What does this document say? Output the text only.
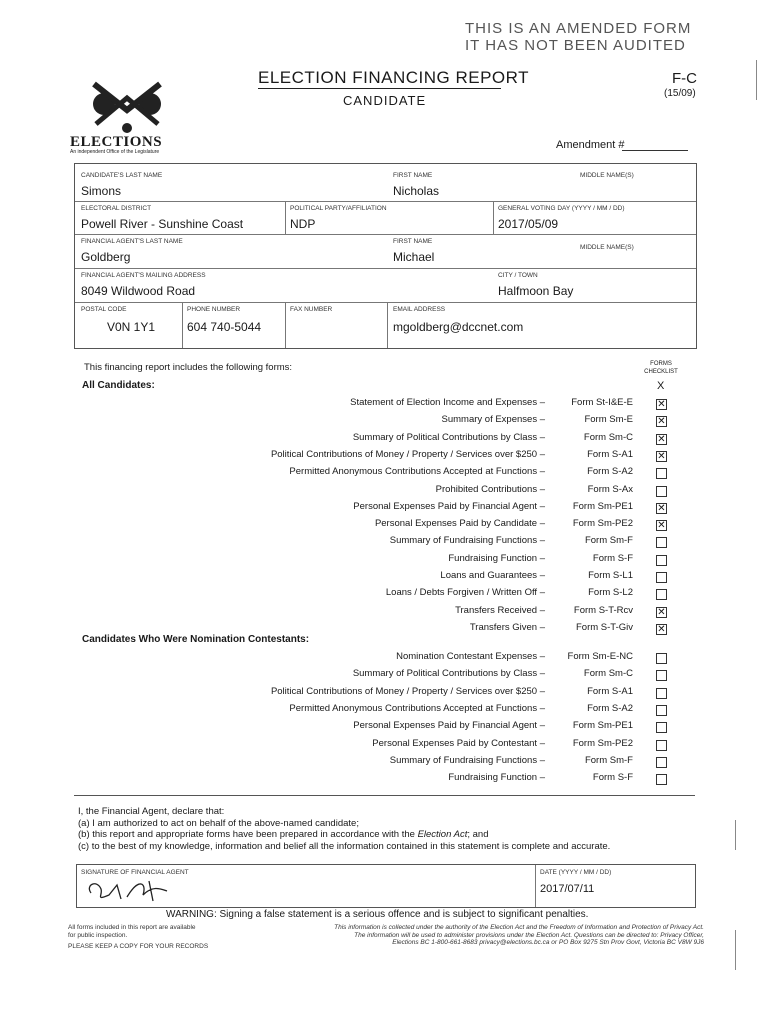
THIS IS AN AMENDED FORM
IT HAS NOT BEEN AUDITED
ELECTIONS
An independent Office of the Legislature
ELECTION FINANCING REPORT
CANDIDATE
F-C
(15/09)
Amendment #
CANDIDATE'S LAST NAME
Simons
FIRST NAME
Nicholas
MIDDLE NAME(S)
ELECTORAL DISTRICT
Powell River - Sunshine Coast
POLITICAL PARTY/AFFILIATION
NDP
GENERAL VOTING DAY (YYYY / MM / DD)
2017/05/09
FINANCIAL AGENT'S LAST NAME
Goldberg
FIRST NAME
Michael
MIDDLE NAME(S)
FINANCIAL AGENT'S MAILING ADDRESS
8049 Wildwood Road
CITY / TOWN
Halfmoon Bay
POSTAL CODE
V0N 1Y1
PHONE NUMBER
604 740-5044
FAX NUMBER	EMAIL ADDRESS
mgoldberg@dccnet.com
This financing report includes the following forms:	FORMS CHECKLIST
X
All Candidates:
Statement of Election Income and Expenses –	Form St-I&E-E ✕
Summary of Expenses –	Form Sm-E ✕
Summary of Political Contributions by Class –	Form Sm-C ✕
Political Contributions of Money / Property / Services over $250 –	Form S-A1 ✕
Permitted Anonymous Contributions Accepted at Functions –	Form S-A2
Prohibited Contributions –	Form S-Ax
Personal Expenses Paid by Financial Agent –	Form Sm-PE1 ✕
Personal Expenses Paid by Candidate –	Form Sm-PE2 ✕
Summary of Fundraising Functions –	Form Sm-F
Fundraising Function –	Form S-F
Loans and Guarantees –	Form S-L1
Loans / Debts Forgiven / Written Off –	Form S-L2
Transfers Received –	Form S-T-Rcv ✕
Transfers Given –	Form S-T-Giv ✕
Candidates Who Were Nomination Contestants:
Nomination Contestant Expenses –	Form Sm-E-NC
Summary of Political Contributions by Class –	Form Sm-C
Political Contributions of Money / Property / Services over $250 –	Form S-A1
Permitted Anonymous Contributions Accepted at Functions –	Form S-A2
Personal Expenses Paid by Financial Agent –	Form Sm-PE1
Personal Expenses Paid by Contestant –	Form Sm-PE2
Summary of Fundraising Functions –	Form Sm-F
Fundraising Function –	Form S-F
I, the Financial Agent, declare that:
(a) I am authorized to act on behalf of the above-named candidate;
(b) this report and appropriate forms have been prepared in accordance with the Election Act; and
(c) to the best of my knowledge, information and belief all the information contained in this statement is complete and accurate.
SIGNATURE OF FINANCIAL AGENT	DATE (YYYY / MM / DD)
2017/07/11
WARNING: Signing a false statement is a serious offence and is subject to significant penalties.
All forms included in this report are available
for public inspection.
PLEASE KEEP A COPY FOR YOUR RECORDS
This information is collected under the authority of the Election Act and the Freedom of Information and Protection of Privacy Act.
The information will be used to administer provisions under the Election Act. Questions can be directed to: Privacy Officer,
Elections BC 1-800-661-8683 privacy@elections.bc.ca or PO Box 9275 Stn Prov Govt, Victoria BC V8W 9J6
